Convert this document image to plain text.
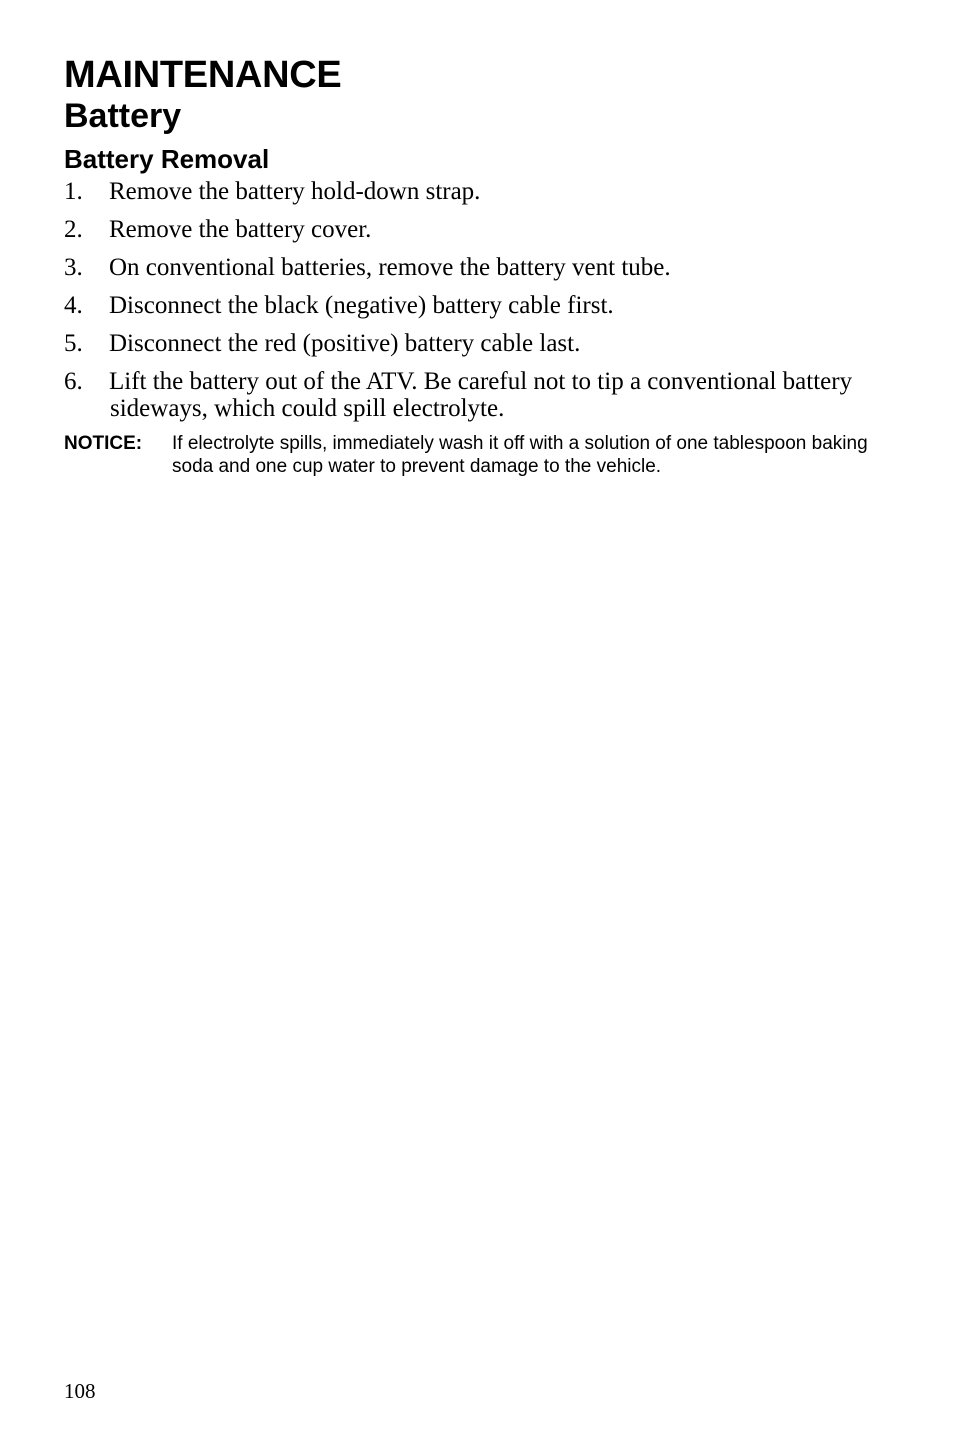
MAINTENANCE
Battery
Battery Removal
1. Remove the battery hold-down strap.
2. Remove the battery cover.
3. On conventional batteries, remove the battery vent tube.
4. Disconnect the black (negative) battery cable first.
5. Disconnect the red (positive) battery cable last.
6. Lift the battery out of the ATV. Be careful not to tip a conventional battery sideways, which could spill electrolyte.
NOTICE:	If electrolyte spills, immediately wash it off with a solution of one tablespoon baking soda and one cup water to prevent damage to the vehicle.
108
